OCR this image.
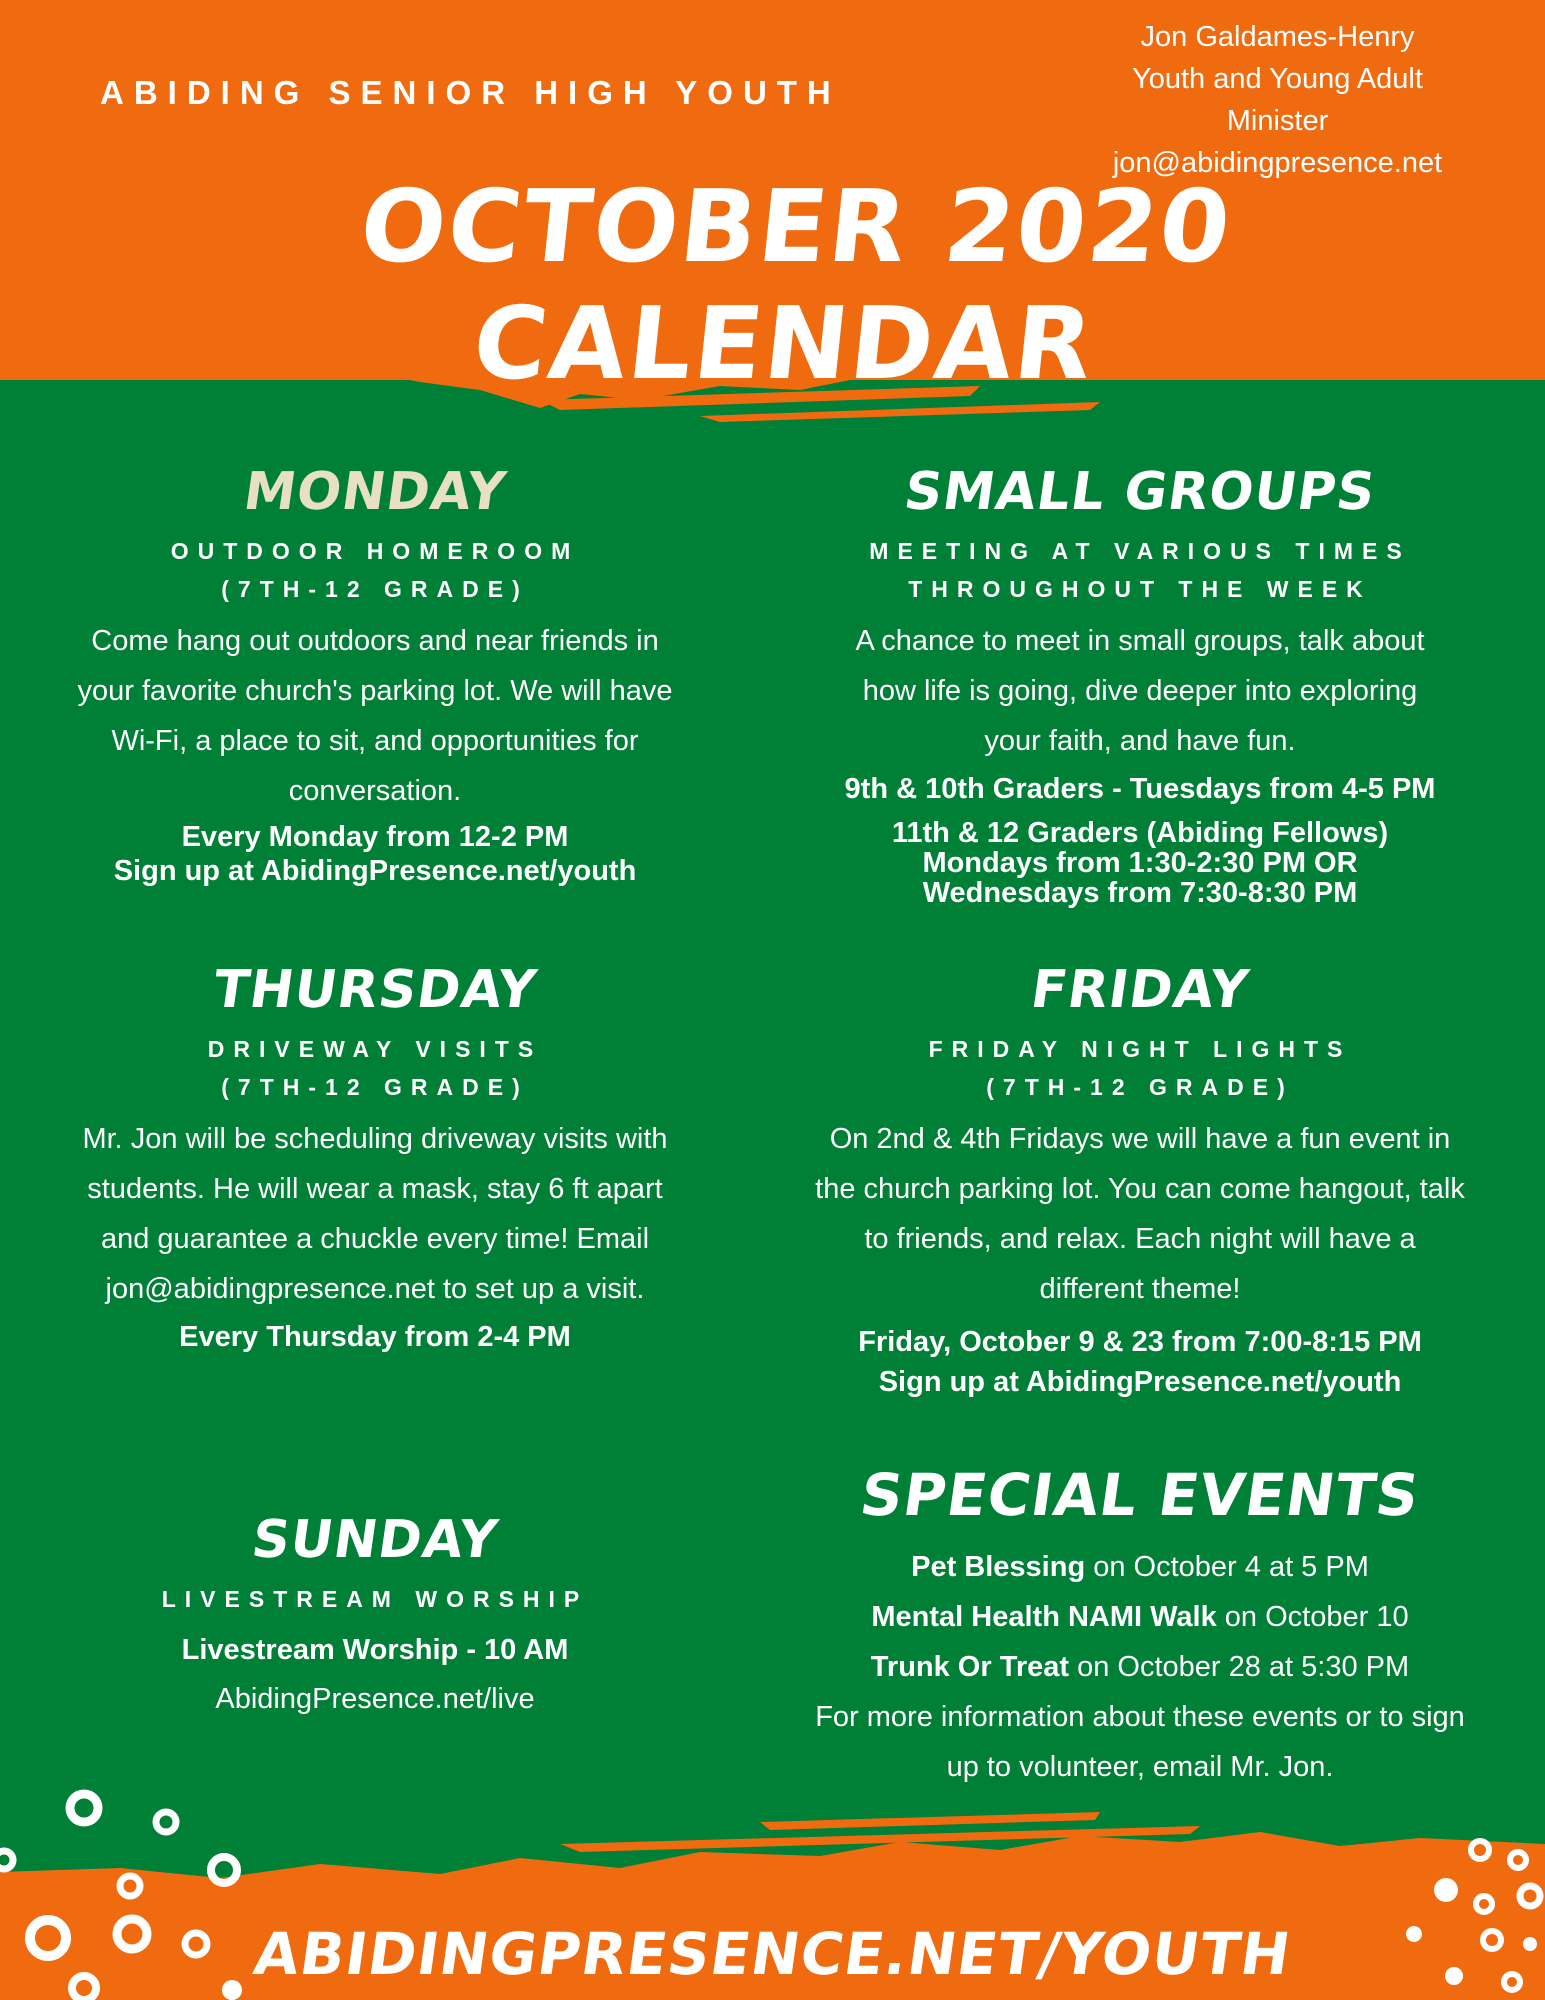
ABIDING SENIOR HIGH YOUTH
Jon Galdames-Henry
Youth and Young Adult
Minister
jon@abidingpresence.net
OCTOBER 2020 CALENDAR
MONDAY
OUTDOOR HOMEROOM
(7TH-12 GRADE)
Come hang out outdoors and near friends in your favorite church's parking lot. We will have Wi-Fi, a place to sit, and opportunities for conversation.
Every Monday from 12-2 PM
Sign up at AbidingPresence.net/youth
SMALL GROUPS
MEETING AT VARIOUS TIMES
THROUGHOUT THE WEEK
A chance to meet in small groups, talk about how life is going, dive deeper into exploring your faith, and have fun.
9th & 10th Graders - Tuesdays from 4-5 PM
11th & 12 Graders (Abiding Fellows)
Mondays from 1:30-2:30 PM OR
Wednesdays from 7:30-8:30 PM
THURSDAY
DRIVEWAY VISITS
(7TH-12 GRADE)
Mr. Jon will be scheduling driveway visits with students. He will wear a mask, stay 6 ft apart and guarantee a chuckle every time! Email jon@abidingpresence.net to set up a visit.
Every Thursday from 2-4 PM
FRIDAY
FRIDAY NIGHT LIGHTS
(7TH-12 GRADE)
On 2nd & 4th Fridays we will have a fun event in the church parking lot. You can come hangout, talk to friends, and relax. Each night will have a different theme!
Friday, October 9 & 23 from 7:00-8:15 PM
Sign up at AbidingPresence.net/youth
SUNDAY
LIVESTREAM WORSHIP
Livestream Worship - 10 AM
AbidingPresence.net/live
SPECIAL EVENTS
Pet Blessing on October 4 at 5 PM
Mental Health NAMI Walk on October 10
Trunk Or Treat on October 28 at 5:30 PM
For more information about these events or to sign up to volunteer, email Mr. Jon.
ABIDINGPRESENCE.NET/YOUTH
